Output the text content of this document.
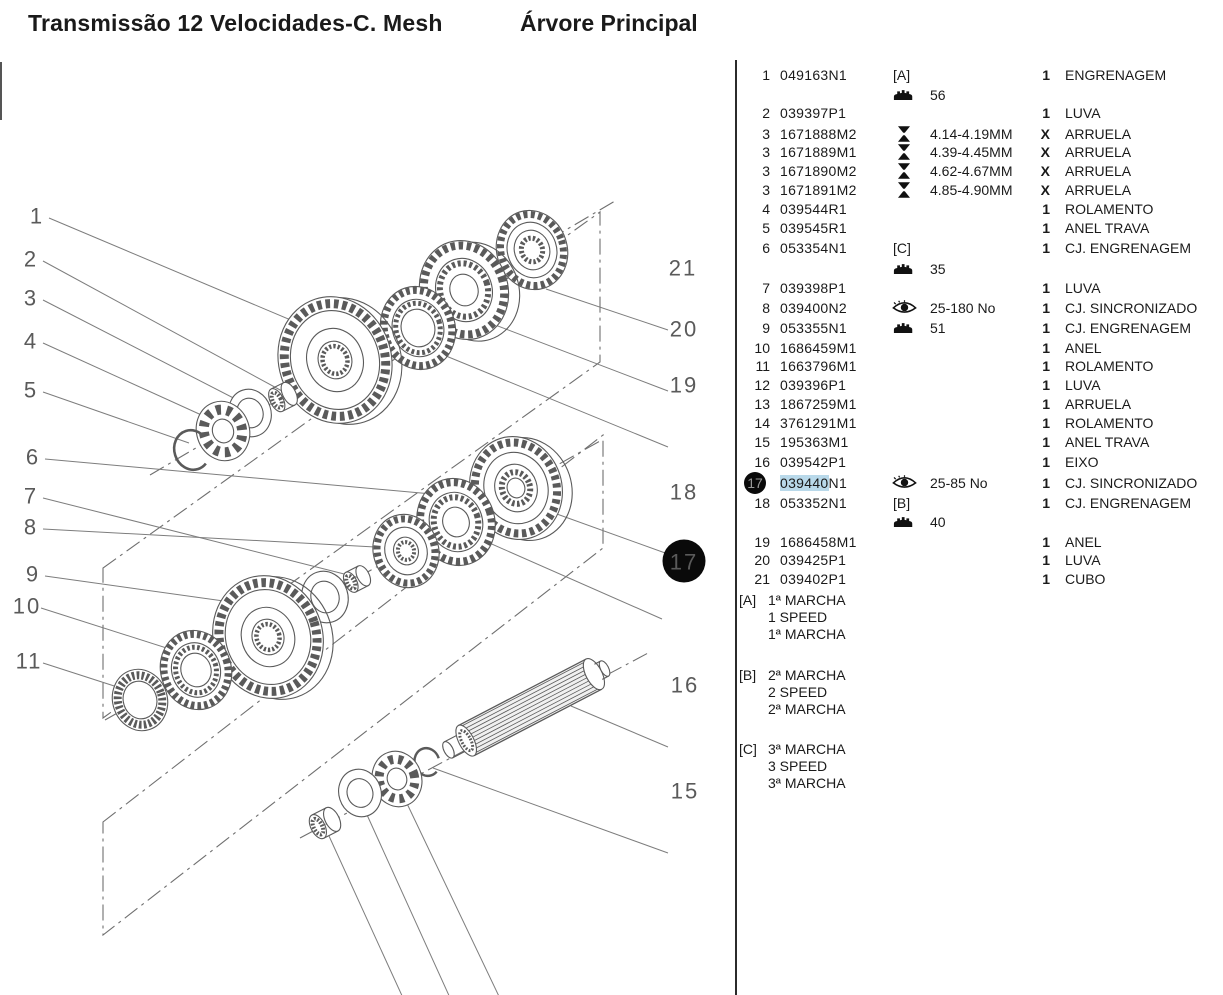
Transmissão 12 Velocidades-C. Mesh	Árvore Principal
1
2
3
4
5
6
7
8
9
10
11
15
16
18
19
20
21
17
1 049163N1	[A]	1 ENGRENAGEM
56
2 039397P1	1 LUVA
3 1671888M2	4.14-4.19MM	X ARRUELA
3 1671889M1	4.39-4.45MM	X ARRUELA
3 1671890M2	4.62-4.67MM	X ARRUELA
3 1671891M2	4.85-4.90MM	X ARRUELA
4 039544R1	1 ROLAMENTO
5 039545R1	1 ANEL TRAVA
6 053354N1	[C]	1 CJ. ENGRENAGEM
35
7 039398P1	1 LUVA
8 039400N2	25-180 No	1 CJ. SINCRONIZADO
9 053355N1	51	1 CJ. ENGRENAGEM
10 1686459M1	1 ANEL
11 1663796M1	1 ROLAMENTO
12 039396P1	1 LUVA
13 1867259M1	1 ARRUELA
14 3761291M1	1 ROLAMENTO
15 195363M1	1 ANEL TRAVA
16 039542P1	1 EIXO
17 039440N1	25-85 No	1 CJ. SINCRONIZADO
18 053352N1	[B]	1 CJ. ENGRENAGEM
40
19 1686458M1	1 ANEL
20 039425P1	1 LUVA
21 039402P1	1 CUBO
[A] 1ª MARCHA
1 SPEED
1ª MARCHA
[B] 2ª MARCHA
2 SPEED
2ª MARCHA
[C] 3ª MARCHA
3 SPEED
3ª MARCHA
